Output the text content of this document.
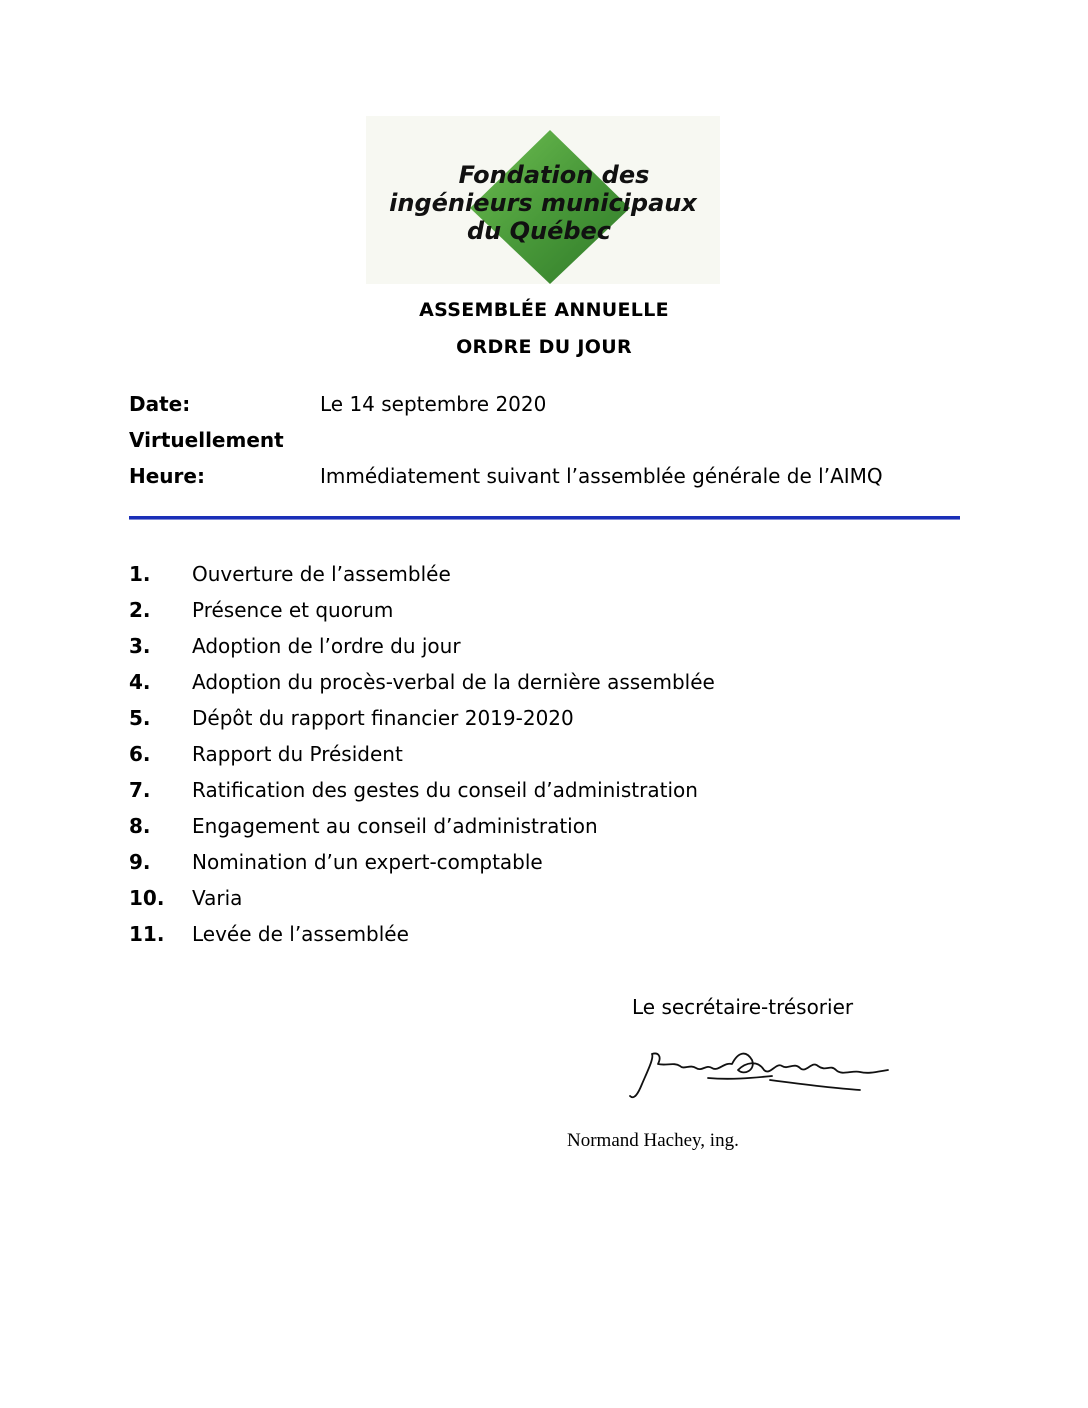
Fondation des
ingénieurs municipaux
du Québec
ASSEMBLÉE ANNUELLE
ORDRE DU JOUR
Date:	Le 14 septembre 2020
Virtuellement
Heure:	Immédiatement suivant l’assemblée générale de l’AIMQ
1. Ouverture de l’assemblée
2. Présence et quorum
3. Adoption de l’ordre du jour
4. Adoption du procès-verbal de la dernière assemblée
5. Dépôt du rapport financier 2019-2020
6. Rapport du Président
7. Ratification des gestes du conseil d’administration
8. Engagement au conseil d’administration
9. Nomination d’un expert-comptable
10. Varia
11. Levée de l’assemblée
Le secrétaire-trésorier
Normand Hachey, ing.
